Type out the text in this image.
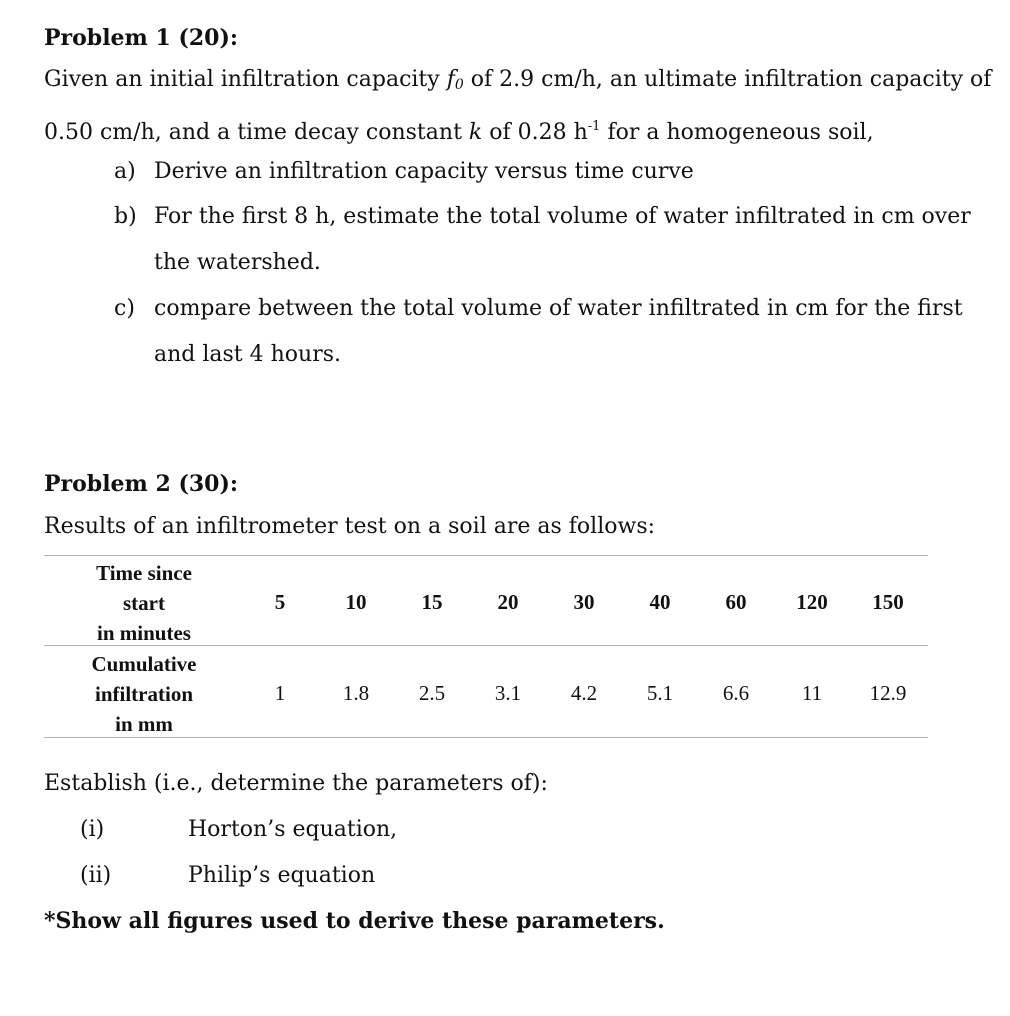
Problem 1 (20):
Given an initial infiltration capacity $f_0$ of 2.9 cm/h, an ultimate infiltration capacity of
0.50 cm/h, and a time decay constant k of 0.28 $h^{-1}$ for a homogeneous soil,
a) Derive an infiltration capacity versus time curve
b) For the first 8 h, estimate the total volume of water infiltrated in cm over
the watershed.
c) compare between the total volume of water infiltrated in cm for the first
and last 4 hours.
Problem 2 (30):
Results of an infiltrometer test on a soil are as follows:
Time since
start
in minutes
5	10	15	20	30	40	60	120	150
Cumulative
infiltration
in mm
1	1.8	2.5	3.1	4.2	5.1	6.6	11	12.9
Establish (i.e., determine the parameters of):
(i)	Horton’s equation,
(ii)	Philip’s equation
*Show all figures used to derive these parameters.
